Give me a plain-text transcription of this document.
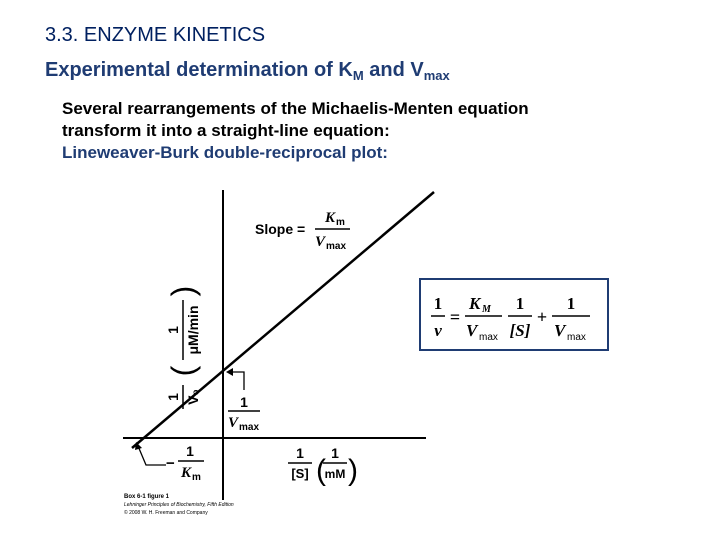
3.3. ENZYME KINETICS
Experimental determination of $K_M$ and $V_{max}$
Several rearrangements of the Michaelis-Menten equation
transform it into a straight-line equation:
Lineweaver-Burk double-reciprocal plot:
1 V₀
(
1 μM/min
)
Slope =
K m
V max
1
V max
−
1
K m
1
[S] (
1
mM )
1
v
=
K M
V max
1
[S]
+
1
V max
Box 6-1 figure 1
Lehninger Principles of Biochemistry, Fifth Edition
© 2008 W. H. Freeman and Company
